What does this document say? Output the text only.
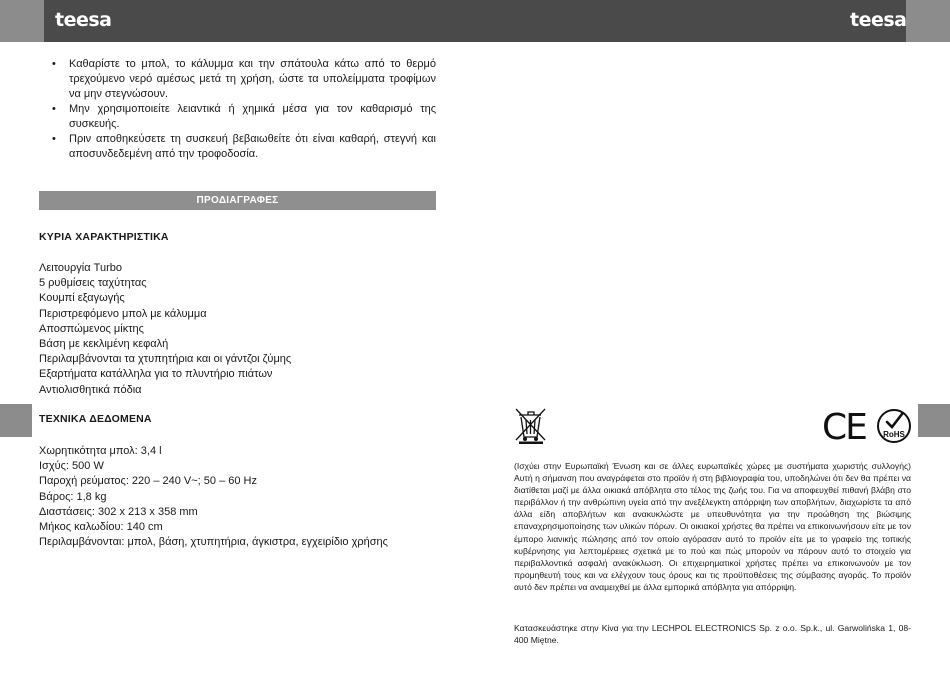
teesa	teesa
• Καθαρίστε το μπολ, το κάλυμμα και την σπάτουλα κάτω από το θερμό τρεχούμενο νερό αμέσως μετά τη χρήση, ώστε τα υπολείμματα τροφίμων να μην στεγνώσουν.
• Μην χρησιμοποιείτε λειαντικά ή χημικά μέσα για τον καθαρισμό της συσκευής.
• Πριν αποθηκεύσετε τη συσκευή βεβαιωθείτε ότι είναι καθαρή, στεγνή και αποσυνδεδεμένη από την τροφοδοσία.
ΠΡΟΔΙΑΓΡΑΦΕΣ
ΚΥΡΙΑ ΧΑΡΑΚΤΗΡΙΣΤΙΚΑ
Λειτουργία Turbo
5 ρυθμίσεις ταχύτητας
Κουμπί εξαγωγής
Περιστρεφόμενο μπολ με κάλυμμα
Αποσπώμενος μίκτης
Βάση με κεκλιμένη κεφαλή
Περιλαμβάνονται τα χτυπητήρια και οι γάντζοι ζύμης
Εξαρτήματα κατάλληλα για το πλυντήριο πιάτων
Αντιολισθητικά πόδια
ΤΕΧΝΙΚΑ ΔΕΔΟΜΕΝΑ
Χωρητικότητα μπολ: 3,4 l
Ισχύς: 500 W
Παροχή ρεύματος: 220 – 240 V~; 50 – 60 Hz
Βάρος: 1,8 kg
Διαστάσεις: 302 x 213 x 358 mm
Μήκος καλωδίου: 140 cm
Περιλαμβάνονται: μπολ, βάση, χτυπητήρια, άγκιστρα, εγχειρίδιο χρήσης
CE RoHS

(Ισχύει στην Ευρωπαϊκή Ένωση και σε άλλες ευρωπαϊκές χώρες με συστήματα χωριστής συλλογής) Αυτή η σήμανση που αναγράφεται στο προϊόν ή στη βιβλιογραφία του, υποδηλώνει ότι δεν θα πρέπει να διατίθεται μαζί με άλλα οικιακά απόβλητα στο τέλος της ζωής του. Για να αποφευχθεί πιθανή βλάβη στο περιβάλλον ή την ανθρώπινη υγεία από την ανεξέλεγκτη απόρριψη των αποβλήτων, διαχωρίστε τα από άλλα είδη αποβλήτων και ανακυκλώστε με υπευθυνότητα για την προώθηση της βιώσιμης επαναχρησιμοποίησης των υλικών πόρων. Οι οικιακοί χρήστες θα πρέπει να επικοινωνήσουν είτε με τον έμπορο λιανικής πώλησης από τον οποίο αγόρασαν αυτό το προϊόν είτε με το γραφείο της τοπικής κυβέρνησης για λεπτομέρειες σχετικά με το πού και πώς μπορούν να πάρουν αυτό το στοιχείο για περιβαλλοντικά ασφαλή ανακύκλωση. Οι επιχειρηματικοί χρήστες πρέπει να επικοινωνούν με τον προμηθευτή τους και να ελέγχουν τους όρους και τις προϋποθέσεις της σύμβασης αγοράς. Το προϊόν αυτό δεν πρέπει να αναμειχθεί με άλλα εμπορικά απόβλητα για απόρριψη.

Κατασκευάστηκε στην Κίνα για την LECHPOL ELECTRONICS Sp. z o.o. Sp.k., ul. Garwolińska 1, 08-400 Miętne.
